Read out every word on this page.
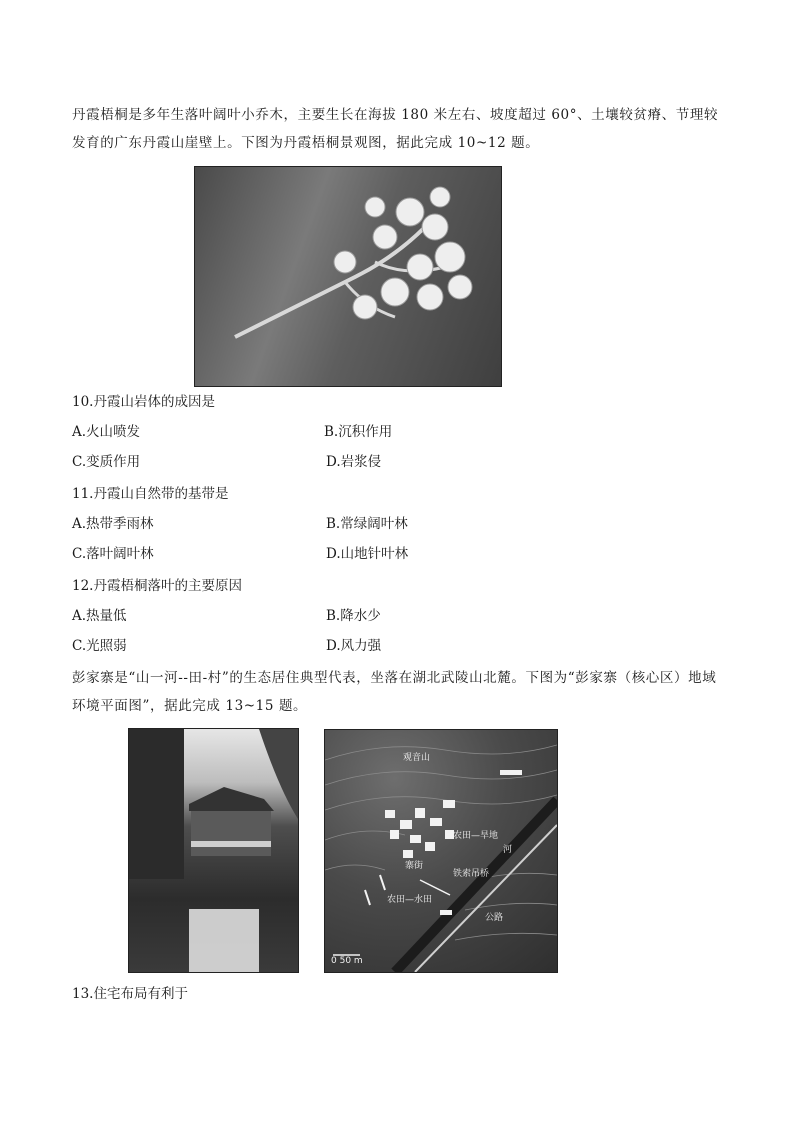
丹霞梧桐是多年生落叶阔叶小乔木，主要生长在海拔 180 米左右、坡度超过 60°、土壤较贫瘠、节理较发育的广东丹霞山崖壁上。下图为丹霞梧桐景观图，据此完成 10~12 题。
10.丹霞山岩体的成因是
A.火山喷发	B.沉积作用
C.变质作用	D.岩浆侵
11.丹霞山自然带的基带是
A.热带季雨林	B.常绿阔叶林
C.落叶阔叶林	D.山地针叶林
12.丹霞梧桐落叶的主要原因
A.热量低	B.降水少
C.光照弱	D.风力强
彭家寨是“山一河--田-村”的生态居住典型代表，坐落在湖北武陵山北麓。下图为“彭家寨（核心区）地域环境平面图”，据此完成 13~15 题。
观音山
农田—旱地
河
寨街
铁索吊桥
农田—水田
公路
0 50 m
13.住宅布局有利于
